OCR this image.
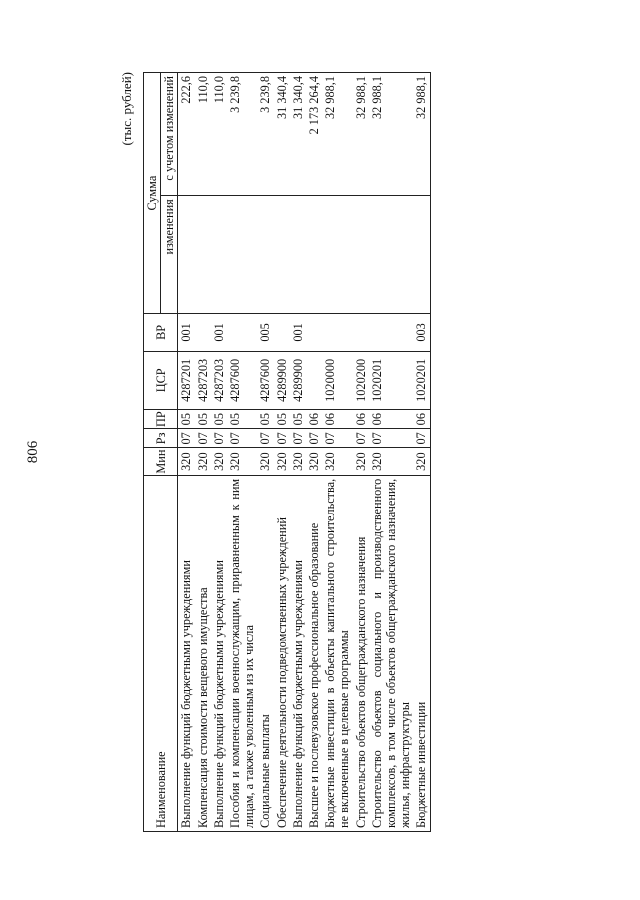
806
(тыс. рублей)
Наименование	Мин	Рз	ПР	ЦСР	ВР	Сумма	
						изменения	с учетом изменений
Выполнение функций бюджетными учреждениями	320	07	05	4287201	001		222,6
Компенсация стоимости вещевого имущества	320	07	05	4287203			110,0
Выполнение функций бюджетными учреждениями	320	07	05	4287203	001		110,0
Пособия и компенсации военнослужащим, приравненным к ним лицам, а также уволенным из их числа	320	07	05	4287600			3 239,8
Социальные выплаты	320	07	05	4287600	005		3 239,8
Обеспечение деятельности подведомственных учреждений	320	07	05	4289900			31 340,4
Выполнение функций бюджетными учреждениями	320	07	05	4289900	001		31 340,4
Высшее и послевузовское профессиональное образование	320	07	06				2 173 264,4
Бюджетные инвестиции в объекты капитального строительства, не включенные в целевые программы	320	07	06	1020000			32 988,1
Строительство объектов общегражданского назначения	320	07	06	1020200			32 988,1
Строительство объектов социального и производственного комплексов, в том числе объектов общегражданского назначения, жилья, инфраструктуры	320	07	06	1020201			32 988,1
Бюджетные инвестиции	320	07	06	1020201	003		32 988,1
